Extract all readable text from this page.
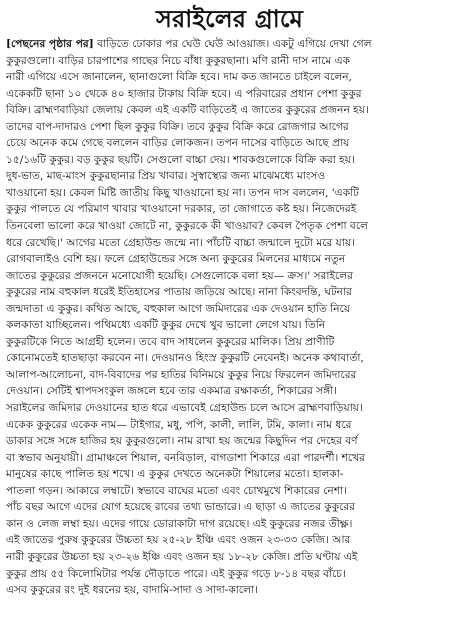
সরাইলের গ্রামে
[পেছনের পৃষ্ঠার পর] বাড়িতে ঢোকার পর ঘেউ ঘেউ আওয়াজ। একটু এগিয়ে দেখা গেল
কুকুরগুলো। বাড়ির চারপাশের গাছের নিচে বাঁধা কুকুরছানা। মণি রানী দাস নামে এক
নারী এগিয়ে এসে জানালেন, ছানাগুলো বিক্রি হবে। দাম কত জানতে চাইলে বলেন,
একেকটি ছানা ১০ থেকে ৪০ হাজার টাকায় বিক্রি হবে। এ পরিবারের প্রধান পেশা কুকুর
বিক্রি। ব্রাহ্মণবাড়িয়া জেলায় কেবল এই একটি বাড়িতেই এ জাতের কুকুরের প্রজনন হয়।
তাদের বাপ-দাদারও পেশা ছিল কুকুর বিক্রি। তবে কুকুর বিক্রি করে রোজগার আগের
চেয়ে অনেক কমে গেছে বললেন বাড়ির লোকজন। তপন দাসের বাড়িতে আছে প্রায়
১৫/১৬টি কুকুর। বড় কুকুর ছয়টি। সেগুলো বাচ্চা দেয়। শাবকগুলোকে বিক্রি করা হয়।
দুধ-ভাত, মাছ-মাংস কুকুরছানার প্রিয় খাবার। সুস্বাস্থ্যের জন্য মাঝেমধ্যে মাংসও
খাওয়ানো হয়। কেবল মিষ্টি জাতীয় কিছু খাওয়ানো হয় না। তপন দাস বললেন, 'একটি
কুকুর পালতে যে পরিমাণ খাবার খাওয়ানো দরকার, তা জোগাতে কষ্ট হয়। নিজেদেরই
তিনবেলা ভালো করে খাওয়া জোটে না, কুকুরকে কী খাওয়াব? কেবল পৈতৃক পেশা বলে
ধরে রেখেছি।' আগের মতো গ্রেহাউন্ড জন্মে না। পাঁচটি বাচ্চা জন্মালে দুটো মরে যায়।
রোগবালাইও বেশি হয়। ফলে গ্রেহাউন্ডের সঙ্গে অন্য কুকুরের মিলনের মাধ্যমে নতুন
জাতের কুকুরের প্রজননে মনোযোগী হয়েছি। সেগুলোকে বলা হয়— ক্রস।' সরাইলের
কুকুরের নাম বহুকাল ধরেই ইতিহাসের পাতায় জড়িয়ে আছে। নানা কিংবদন্তি, ঘটনার
জন্মদাতা এ কুকুর। কথিত আছে, বহুকাল আগে জমিদারের এক দেওয়ান হাতি নিয়ে
কলকাতা যাচ্ছিলেন। পথিমধ্যে একটি কুকুর দেখে খুব ভালো লেগে যায়। তিনি
কুকুরটিকে নিতে আগ্রহী হলেন। তবে বাদ সাধলেন কুকুরের মালিক। প্রিয় প্রাণীটি
কোনোমতেই হাতছাড়া করবেন না। দেওয়ানও হিংস্র কুকুরটি নেবেনই। অনেক কথাবার্তা,
আলাপ-আলোচনা, বাদ-বিবাদের পর হাতির বিনিময়ে কুকুর নিয়ে ফিরলেন জমিদারের
দেওয়ান। সেটিই শ্বাপদসংকুল জঙ্গলে হবে তার একমাত্র রক্ষাকর্তা, শিকারের সঙ্গী।
সরাইলের জমিদার দেওয়ানের হাত ধরে এভাবেই গ্রেহাউন্ড চলে আসে ব্রাহ্মণবাড়িয়ায়।
একেক কুকুরের একেক নাম— টাইগার, মধু, পপি, কালী, লালি, টমি, কালা। নাম ধরে
ডাকার সঙ্গে সঙ্গে হাজির হয় কুকুরগুলো। নাম রাখা হয় জন্মের কিছুদিন পর দেহের বর্ণ
বা স্বভাব অনুযায়ী। গ্রামাঞ্চলে শিয়াল, বনবিড়াল, বাগডাশা শিকারে এরা পারদর্শী। শখের
মানুষের কাছে পালিত হয় শখে। এ কুকুর দেখতে অনেকটা শিয়ালের মতো। হালকা-
পাতলা গড়ন। আকারে লম্বাটে। স্বভাবে বাঘের মতো এবং চোখমুখে শিকারের নেশা।
পাঁচ বছর আগে এদের যোগ হয়েছে রাবের তথ্য ভান্ডারে। এ ছাড়া এ জাতের কুকুরের
কান ও লেজ লম্বা হয়। এদের গায়ে ডোরাকাটা দাগ রয়েছে। এই কুকুরের নজর তীক্ষ্ণ।
এই জাতের পুরুষ কুকুরের উচ্চতা হয় ২৫-২৮ ইঞ্চি এবং ওজন ২৩-৩৩ কেজি। আর
নারী কুকুরের উচ্চতা হয় ২৩-২৬ ইঞ্চি এবং ওজন হয় ১৮-২৮ কেজি। প্রতি ঘণ্টায় এই
কুকুর প্রায় ৫৫ কিলোমিটার পর্যন্ত দৌড়াতে পারে। এই কুকুর গড়ে ৮-১৪ বছর বাঁচে।
এসব কুকুরের রং দুই ধরনের হয়, বাদামি-সাদা ও সাদা-কালো।
